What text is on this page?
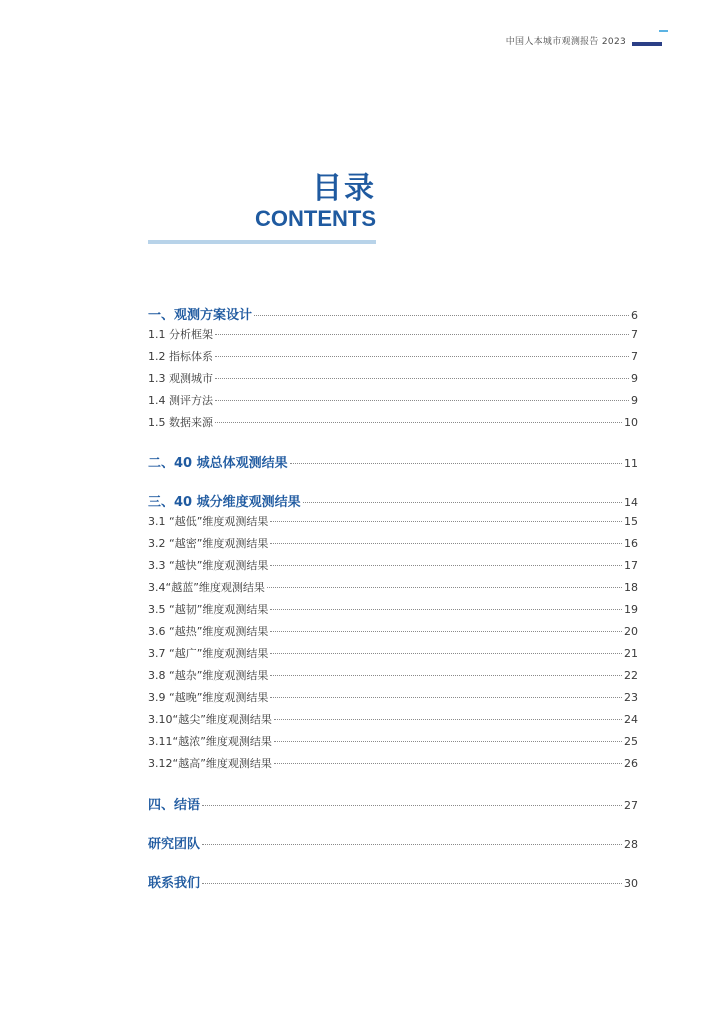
中国人本城市观测报告 2023
目录
CONTENTS
一、观测方案设计	6
1.1 分析框架	7
1.2 指标体系	7
1.3 观测城市	9
1.4 测评方法	9
1.5 数据来源	10
二、40 城总体观测结果	11
三、40 城分维度观测结果	14
3.1 “越低”维度观测结果	15
3.2 “越密”维度观测结果	16
3.3 “越快”维度观测结果	17
3.4“越蓝”维度观测结果	18
3.5 “越韧”维度观测结果	19
3.6 “越热”维度观测结果	20
3.7 “越广”维度观测结果	21
3.8 “越杂”维度观测结果	22
3.9 “越晚”维度观测结果	23
3.10“越尖”维度观测结果	24
3.11“越浓”维度观测结果	25
3.12“越高”维度观测结果	26
四、结语	27
研究团队	28
联系我们	30
